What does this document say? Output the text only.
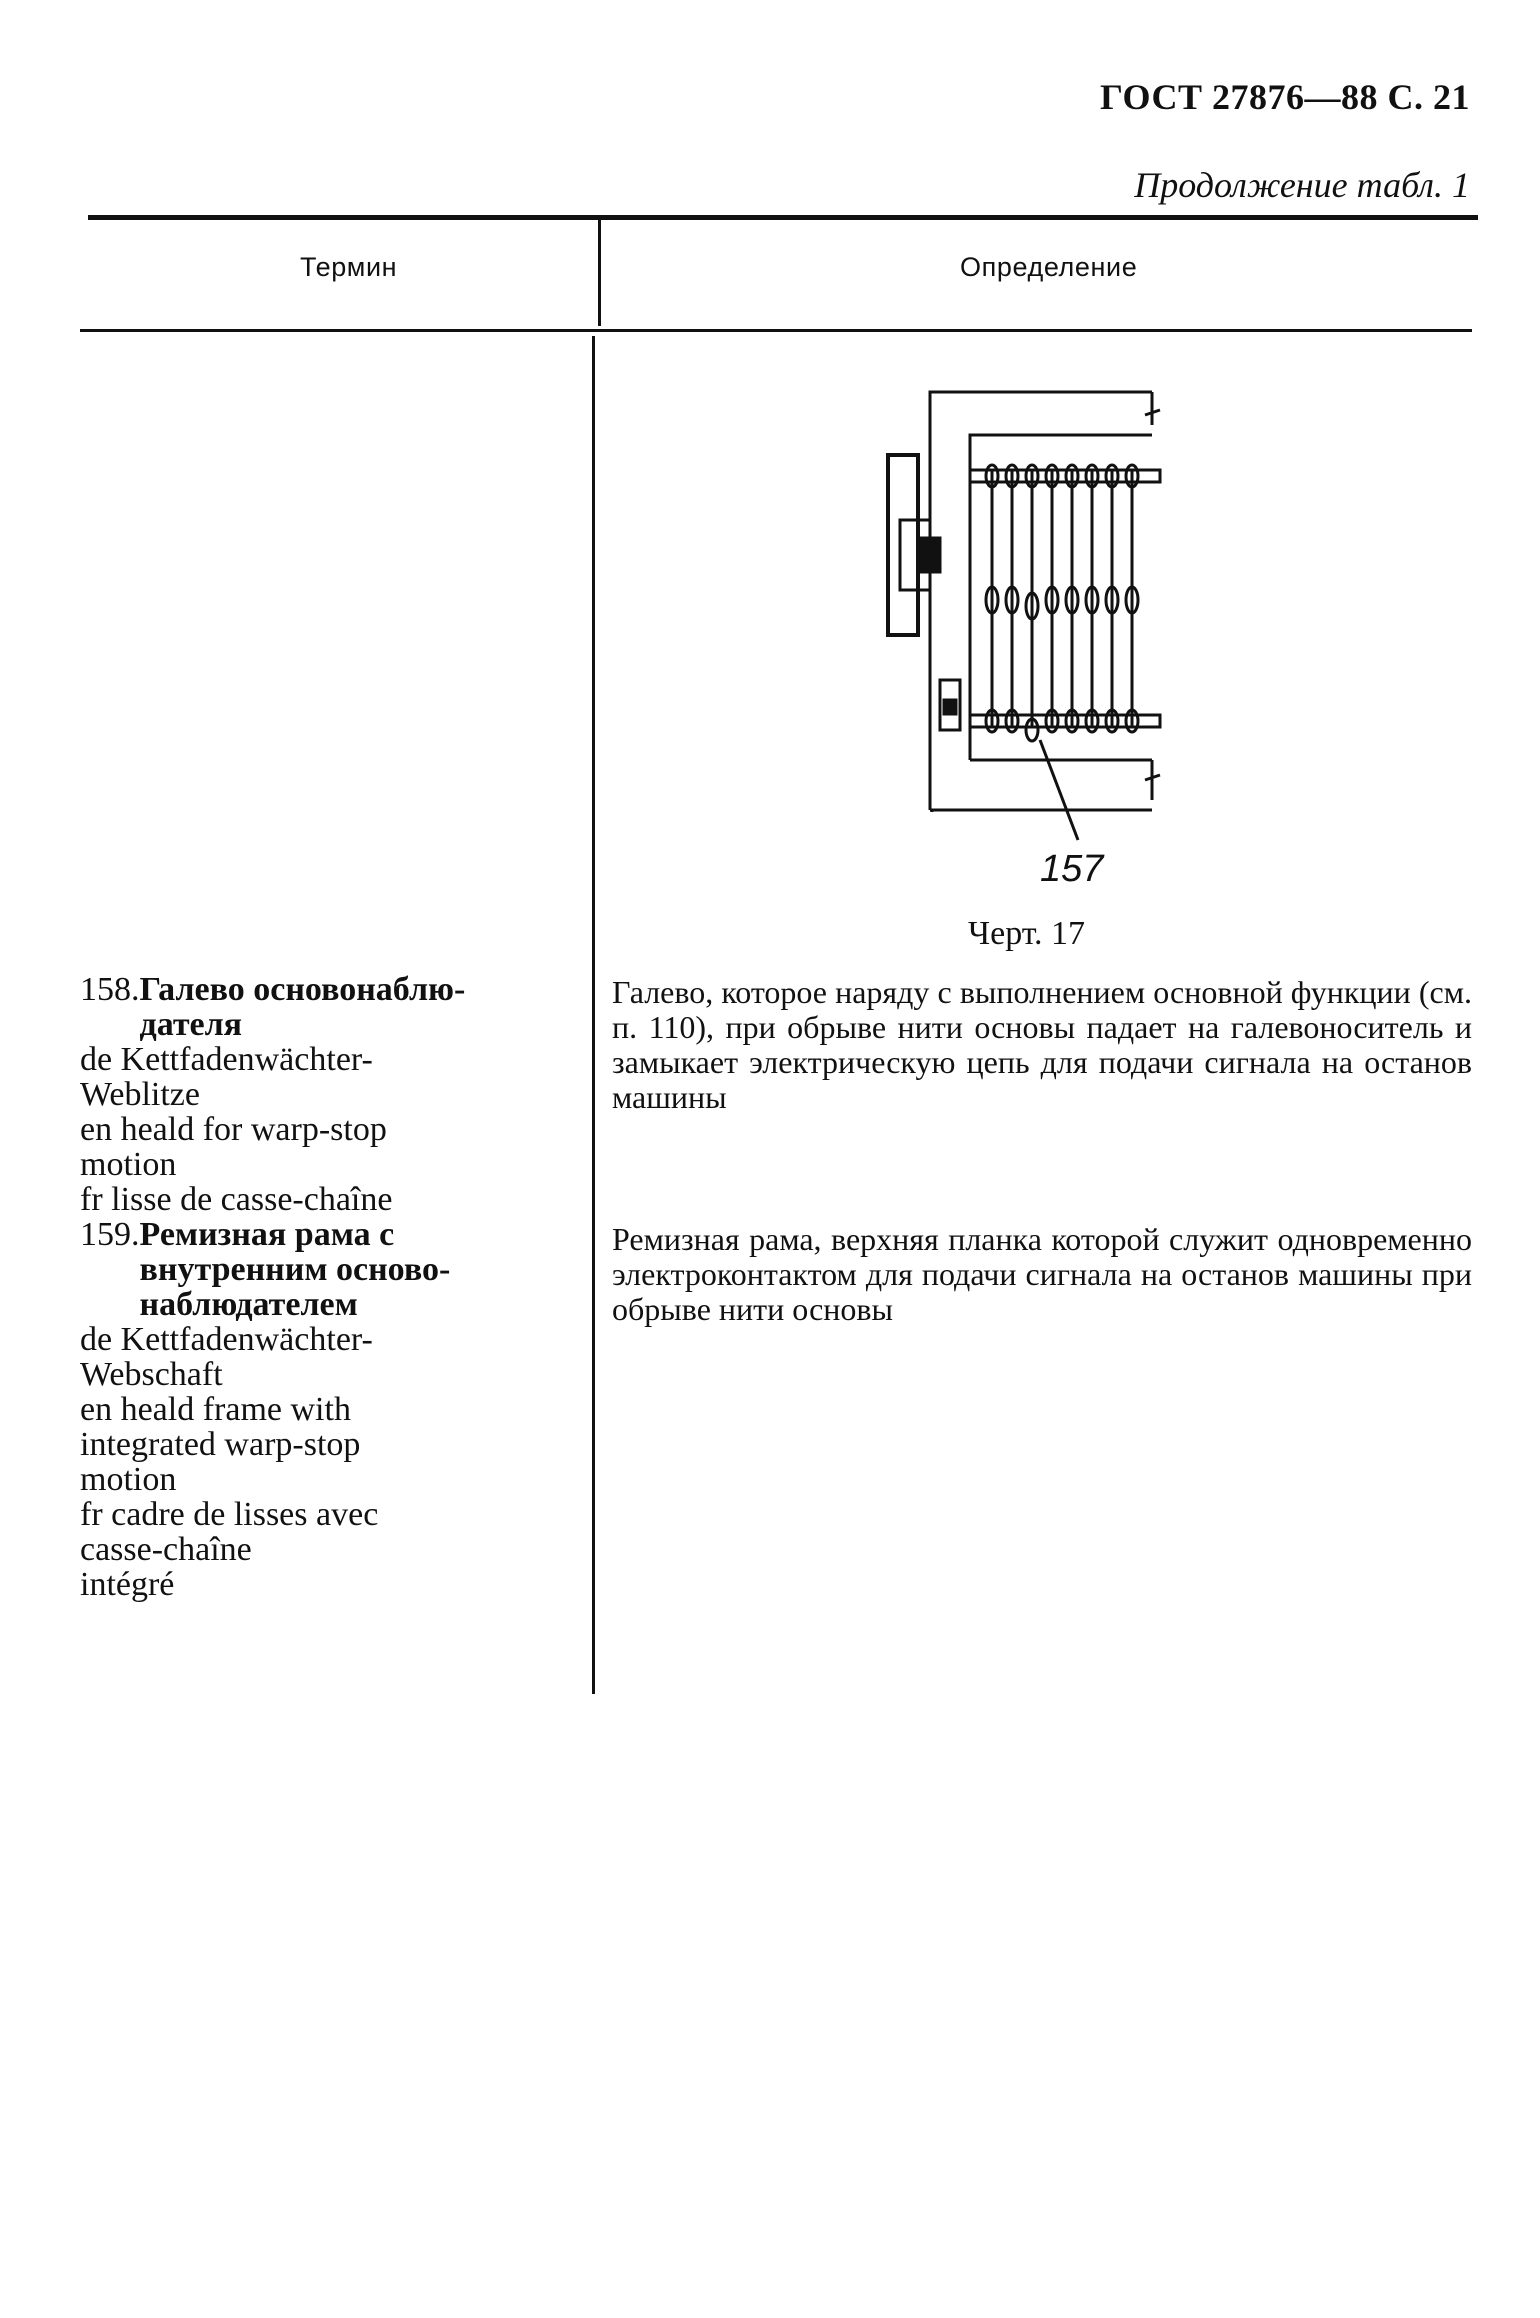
ГОСТ 27876—88 С. 21
Продолжение табл. 1
Термин	Определение
157
Черт. 17
158. Галево основонаблю-
дателя
de Kettfadenwächter-
Weblitze
en heald for warp-stop
motion
fr lisse de casse-chaîne
Галево, которое наряду с выполнением основной функции (см. п. 110), при обрыве нити основы падает на галевоноситель и замыкает электрическую цепь для подачи сигнала на останов машины
159. Ремизная рама с
внутренним осново-
наблюдателем
de Kettfadenwächter-
Webschaft
en heald frame with
integrated warp-stop
motion
fr cadre de lisses avec
casse-chaîne
intégré
Ремизная рама, верхняя планка которой служит одновременно электроконтактом для подачи сигнала на останов машины при обрыве нити основы
